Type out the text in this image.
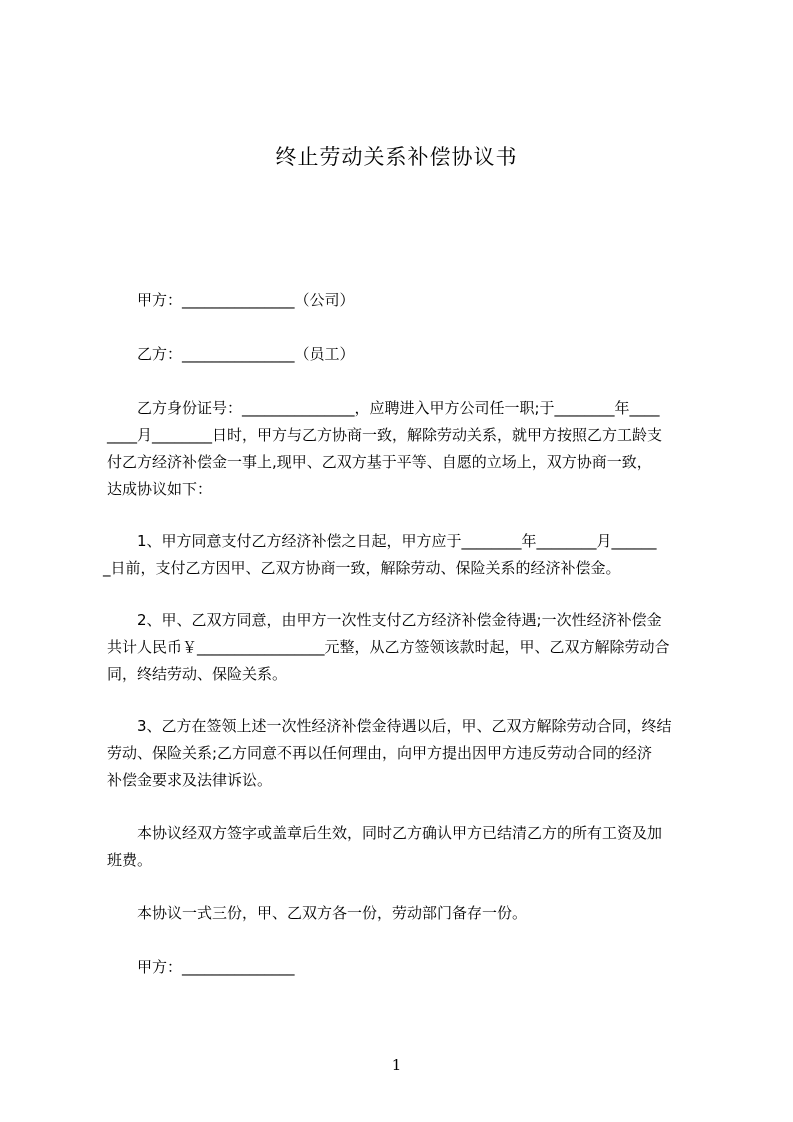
终止劳动关系补偿协议书
甲方：_______________（公司）
乙方：_______________（员工）
乙方身份证号：_______________，应聘进入甲方公司任一职;于________年____
____月________日时，甲方与乙方协商一致，解除劳动关系，就甲方按照乙方工龄支
付乙方经济补偿金一事上,现甲、乙双方基于平等、自愿的立场上，双方协商一致，
达成协议如下：
1、甲方同意支付乙方经济补偿之日起，甲方应于________年________月______
_日前，支付乙方因甲、乙双方协商一致，解除劳动、保险关系的经济补偿金。
2、甲、乙双方同意，由甲方一次性支付乙方经济补偿金待遇;一次性经济补偿金
共计人民币￥_________________元整，从乙方签领该款时起，甲、乙双方解除劳动合
同，终结劳动、保险关系。
3、乙方在签领上述一次性经济补偿金待遇以后，甲、乙双方解除劳动合同，终结
劳动、保险关系;乙方同意不再以任何理由，向甲方提出因甲方违反劳动合同的经济
补偿金要求及法律诉讼。
本协议经双方签字或盖章后生效，同时乙方确认甲方已结清乙方的所有工资及加
班费。
本协议一式三份，甲、乙双方各一份，劳动部门备存一份。
甲方：_______________
1
